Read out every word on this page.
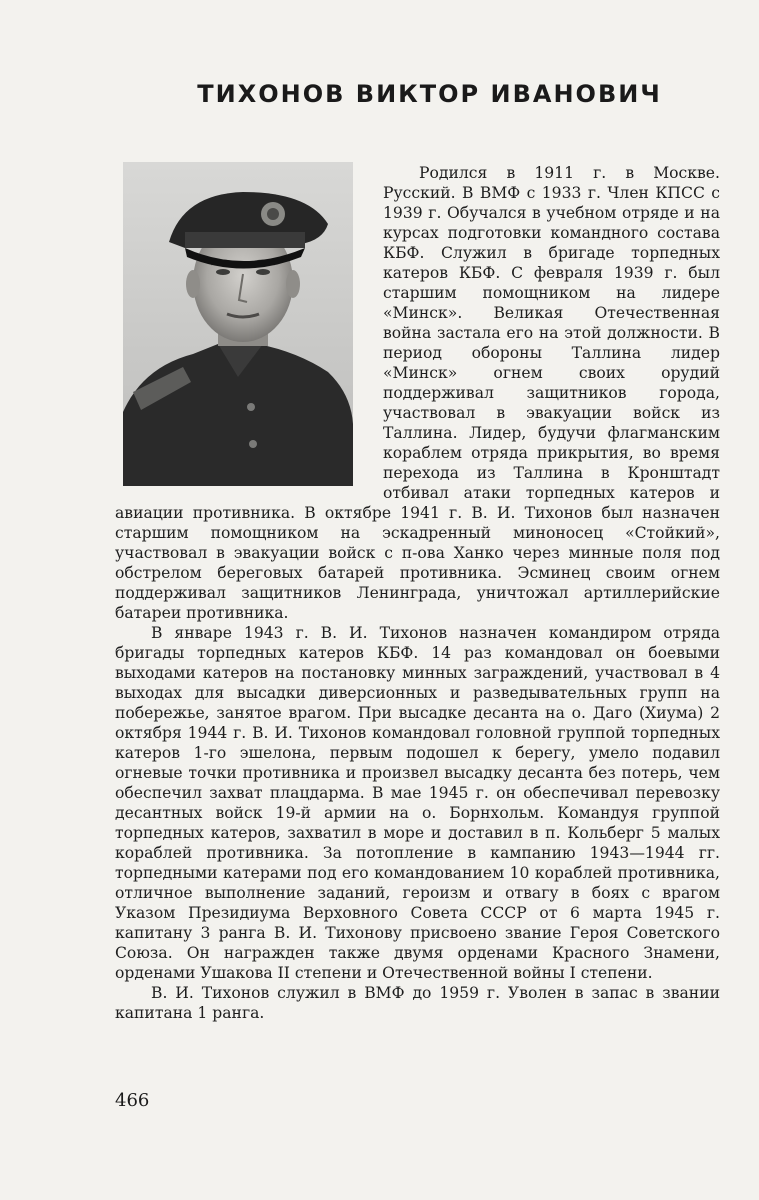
ТИХОНОВ ВИКТОР ИВАНОВИЧ

Родился в 1911 г. в Москве. Русский. В ВМФ с 1933 г. Член КПСС с 1939 г. Обучался в учебном отряде и на курсах подготовки командного состава КБФ. Служил в бригаде торпедных катеров КБФ. С февраля 1939 г. был старшим помощником на лидере «Минск». Великая Отечественная война застала его на этой должности. В период обороны Таллина лидер «Минск» огнем своих орудий поддерживал защитников города, участвовал в эвакуации войск из Таллина. Лидер, будучи флагманским кораблем отряда прикрытия, во время перехода из Таллина в Кронштадт отбивал атаки торпедных катеров и авиации противника. В октябре 1941 г. В. И. Тихонов был назначен старшим помощником на эскадренный миноносец «Стойкий», участвовал в эвакуации войск с п-ова Ханко через минные поля под обстрелом береговых батарей противника. Эсминец своим огнем поддерживал защитников Ленинграда, уничтожал артиллерийские батареи противника.

В январе 1943 г. В. И. Тихонов назначен командиром отряда бригады торпедных катеров КБФ. 14 раз командовал он боевыми выходами катеров на постановку минных заграждений, участвовал в 4 выходах для высадки диверсионных и разведывательных групп на побережье, занятое врагом. При высадке десанта на о. Даго (Хиума) 2 октября 1944 г. В. И. Тихонов командовал головной группой торпедных катеров 1-го эшелона, первым подошел к берегу, умело подавил огневые точки противника и произвел высадку десанта без потерь, чем обеспечил захват плацдарма. В мае 1945 г. он обеспечивал перевозку десантных войск 19-й армии на о. Борнхольм. Командуя группой торпедных катеров, захватил в море и доставил в п. Кольберг 5 малых кораблей противника. За потопление в кампанию 1943—1944 гг. торпедными катерами под его командованием 10 кораблей противника, отличное выполнение заданий, героизм и отвагу в боях с врагом Указом Президиума Верховного Совета СССР от 6 марта 1945 г. капитану 3 ранга В. И. Тихонову присвоено звание Героя Советского Союза. Он награжден также двумя орденами Красного Знамени, орденами Ушакова II степени и Отечественной войны I степени.

В. И. Тихонов служил в ВМФ до 1959 г. Уволен в запас в звании капитана 1 ранга.

466
